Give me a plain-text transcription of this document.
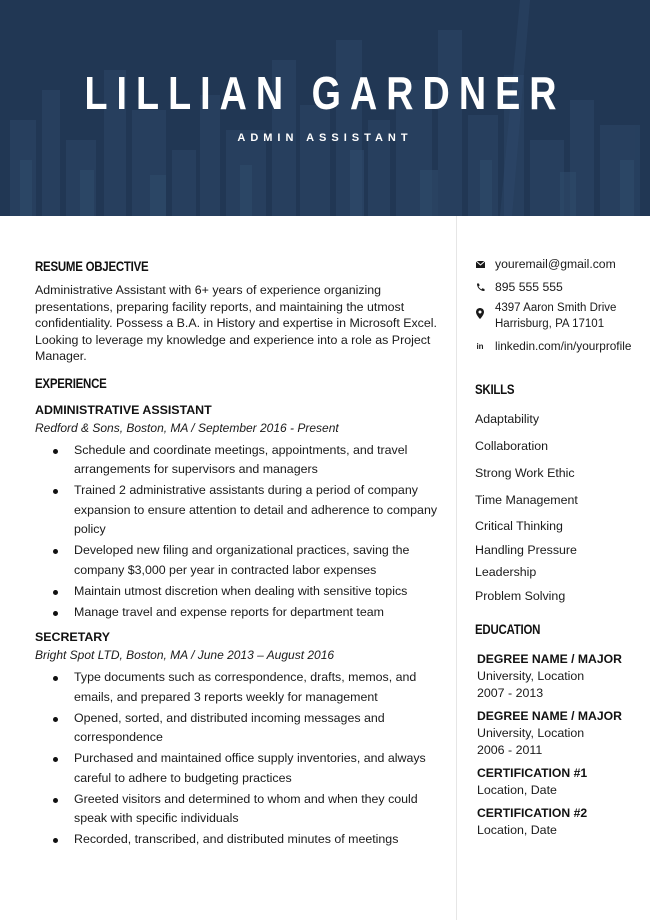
LILLIAN GARDNER
ADMIN ASSISTANT
RESUME OBJECTIVE
Administrative Assistant with 6+ years of experience organizing presentations, preparing facility reports, and maintaining the utmost confidentiality. Possess a B.A. in History and expertise in Microsoft Excel. Looking to leverage my knowledge and experience into a role as Project Manager.
EXPERIENCE
ADMINISTRATIVE ASSISTANT
Redford & Sons, Boston, MA / September 2016 - Present
Schedule and coordinate meetings, appointments, and travel arrangements for supervisors and managers
Trained 2 administrative assistants during a period of company expansion to ensure attention to detail and adherence to company policy
Developed new filing and organizational practices, saving the company $3,000 per year in contracted labor expenses
Maintain utmost discretion when dealing with sensitive topics
Manage travel and expense reports for department team
SECRETARY
Bright Spot LTD, Boston, MA / June 2013 – August 2016
Type documents such as correspondence, drafts, memos, and emails, and prepared 3 reports weekly for management
Opened, sorted, and distributed incoming messages and correspondence
Purchased and maintained office supply inventories, and always careful to adhere to budgeting practices
Greeted visitors and determined to whom and when they could speak with specific individuals
Recorded, transcribed, and distributed minutes of meetings
youremail@gmail.com
895 555 555
4397 Aaron Smith Drive
Harrisburg, PA 17101
in linkedin.com/in/yourprofile
SKILLS
Adaptability
Collaboration
Strong Work Ethic
Time Management
Critical Thinking
Handling Pressure
Leadership
Problem Solving
EDUCATION
DEGREE NAME / MAJOR
University, Location
2007 - 2013
DEGREE NAME / MAJOR
University, Location
2006 - 2011
CERTIFICATION #1
Location, Date
CERTIFICATION #2
Location, Date
